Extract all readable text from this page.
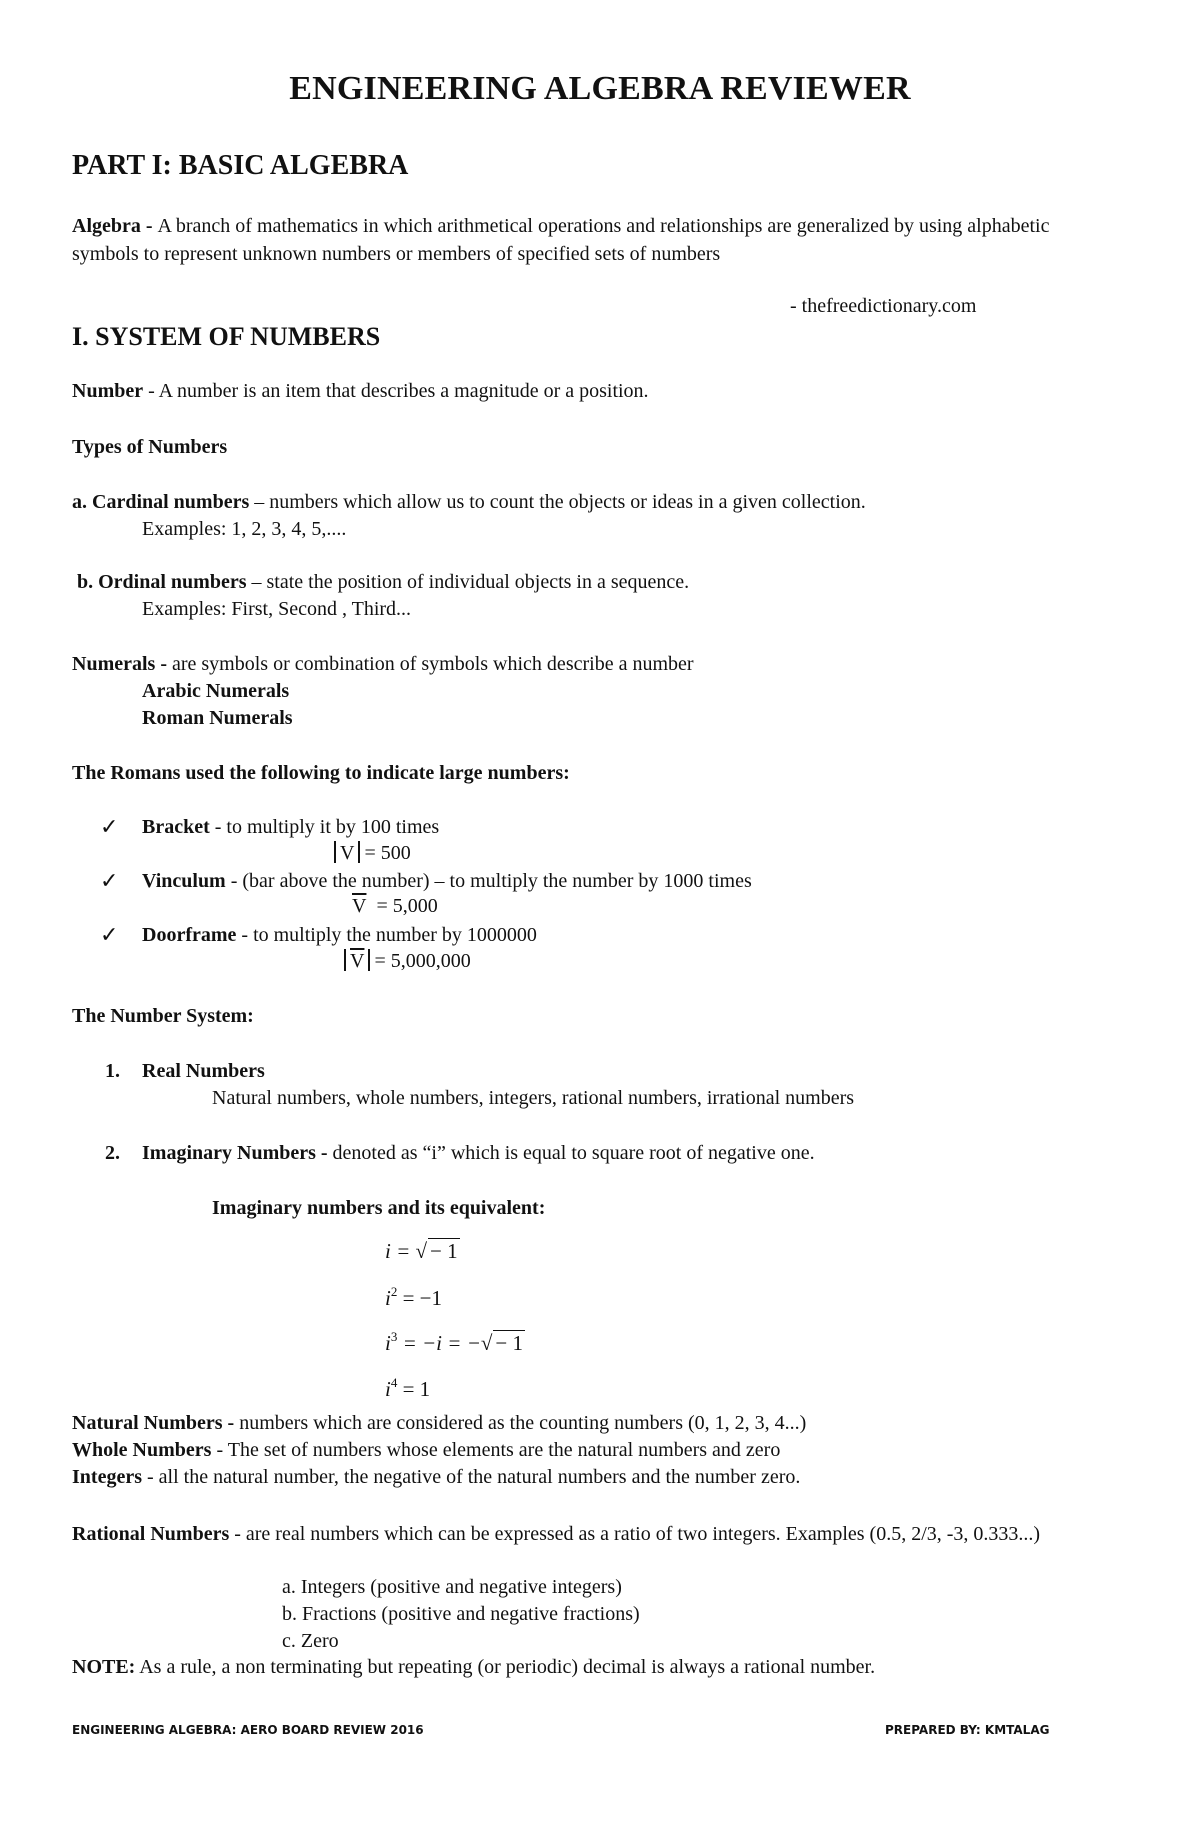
ENGINEERING ALGEBRA REVIEWER
PART I: BASIC ALGEBRA
Algebra - A branch of mathematics in which arithmetical operations and relationships are generalized by using alphabetic symbols to represent unknown numbers or members of specified sets of numbers
- thefreedictionary.com
I. SYSTEM OF NUMBERS
Number - A number is an item that describes a magnitude or a position.
Types of Numbers
a. Cardinal numbers – numbers which allow us to count the objects or ideas in a given collection.
Examples: 1, 2, 3, 4, 5,....
b. Ordinal numbers – state the position of individual objects in a sequence.
Examples: First, Second , Third...
Numerals - are symbols or combination of symbols which describe a number
Arabic Numerals
Roman Numerals
The Romans used the following to indicate large numbers:
✓ Bracket - to multiply it by 100 times
V = 500
✓ Vinculum - (bar above the number) – to multiply the number by 1000 times
$\overline{V} = 5,000$
✓ Doorframe - to multiply the number by 1000000
$\overline{V} = 5,000,000$
The Number System:
1. Real Numbers
Natural numbers, whole numbers, integers, rational numbers, irrational numbers
2. Imaginary Numbers - denoted as “i” which is equal to square root of negative one.
Imaginary numbers and its equivalent:
i = √ − 1
$i^2 = -1$
$i^3 = -i$ = −√ − 1
$i^4 = 1$
Natural Numbers - numbers which are considered as the counting numbers (0, 1, 2, 3, 4...)
Whole Numbers - The set of numbers whose elements are the natural numbers and zero
Integers - all the natural number, the negative of the natural numbers and the number zero.
Rational Numbers - are real numbers which can be expressed as a ratio of two integers. Examples (0.5, 2/3, -3, 0.333...)
a. Integers (positive and negative integers)
b. Fractions (positive and negative fractions)
c. Zero
NOTE: As a rule, a non terminating but repeating (or periodic) decimal is always a rational number.
ENGINEERING ALGEBRA: AERO BOARD REVIEW 2016	PREPARED BY: KMTALAG
